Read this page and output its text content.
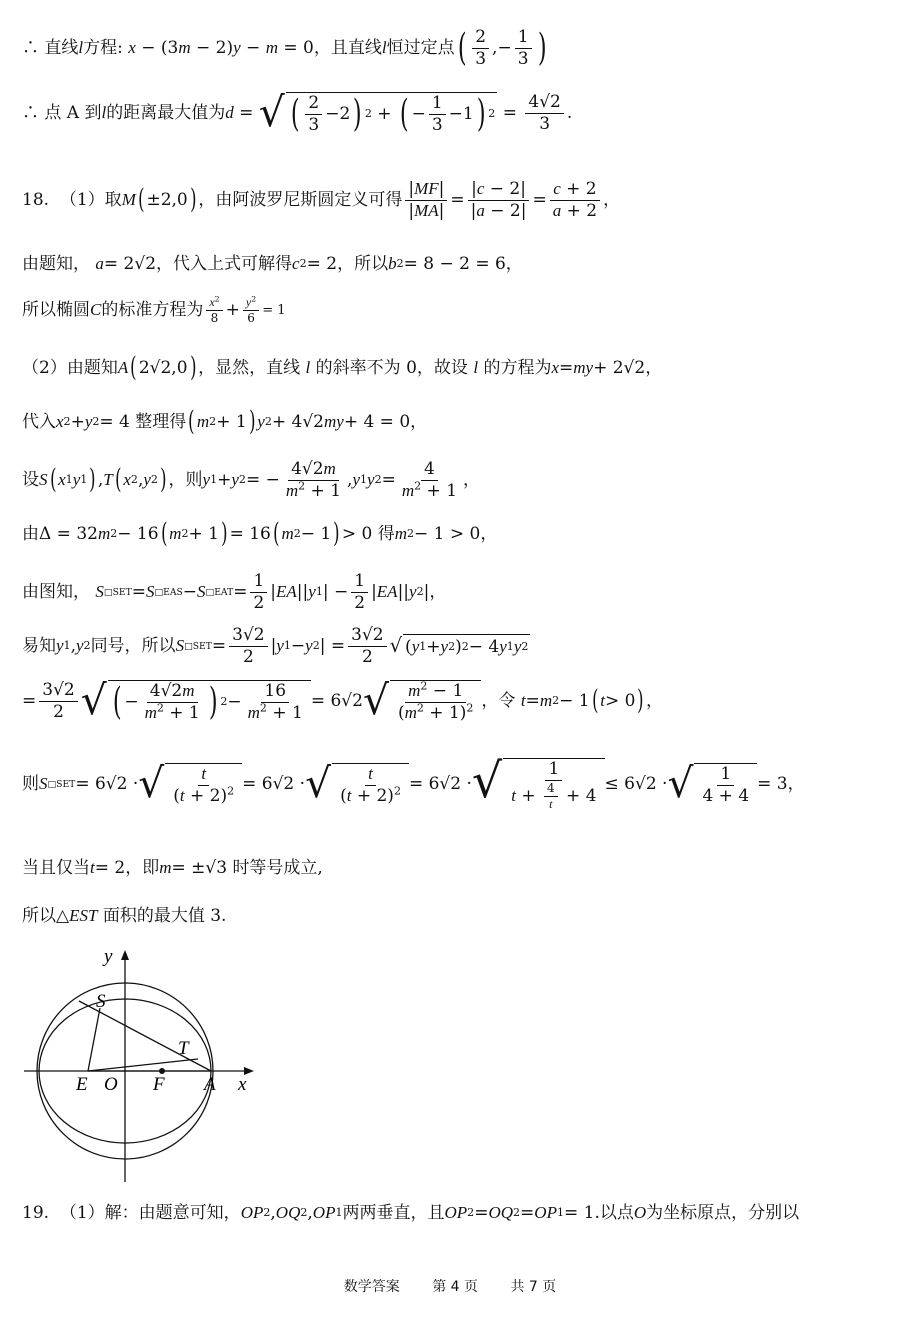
∴ 直线 l 方程: x − (3m − 2)y − m = 0 ，且直线 l 恒过定点 ( $\frac{2}{3}$ , − $\frac{1}{3}$ )
∴ 点 A 到 l 的距离最大值为 d = √ ( $\frac{2}{3} -2$ ) 2 + ( − $\frac{1}{3} -1$ ) $2 = \frac{4√2}{3}$ .
18.
（1）取 M ( ±2,0 ) ，由阿波罗尼斯圆定义可得 $\frac{|MF|}{|MA|} = \frac{|c - 2|}{|a - 2|} = \frac{c + 2}{a + 2}$ ，
由题知，
a = 2√2 ，代入上式可解得 c 2 = 2 ，所以 b 2 = 8 − 2 = 6，
所以椭圆 C 的标准方程为 $\frac{x^2}{8} + \frac{y^2}{6} = 1$
（2）由题知 A ( 2√2,0 ) ，显然，直线
l
的斜率不为 0，故设
l
的方程为 x = my + 2√2，
代入 x 2 + y 2 = 4 整理得 ( m 2 + 1 ) y 2 + 4√2 my + 4 = 0，
设 S ( x 1 y 1 ) , T ( x 2 , y 2 ) ，则 y 1 + y 2 = − $\frac{4√2m}{m^2 + 1}$ , y 1 y $2 = \frac{4}{m^2 + 1}$ ，
由 Δ = 32 m 2 − 16 ( m 2 + 1 ) = 16 ( m 2 − 1 ) > 0 得 m 2 − 1 > 0，
由图知，
S □SET = S □EAS − S □EAT = $\frac{1}{2}$ | EA || y 1 | − $\frac{1}{2}$ | EA || y 2 |，
易知 y 1 , y 2 同号，所以 S □SET = $\frac{3√2}{2}$ | y 1 − y 2 | = $\frac{3√2}{2}$ √ ( y 1 + y 2 ) 2 − 4 y 1 y 2
= $\frac{3√2}{2}$ √ ( − $\frac{4√2m}{m^2 + 1}$ ) $2 - \frac{16}{m^2 + 1} = 6√2$ √ $\frac{m^2 - 1}{(m^2 + 1)^2}$ ，令
t = m 2 − 1 ( t > 0 ) ，
则 S □SET = 6√2 · √ $\frac{t}{(t + 2)^2} = 6√2$ · √ $\frac{t}{(t + 2)^2} = 6√2$ · √ $\frac{1}{t + \frac{4}{t} + 4} \le 6√2$ · √ $\frac{1}{4 + 4} = 3$，
当且仅当 t = 2 ，即 m = ±√3 时等号成立,
所以 △ EST
面积的最大值 3.
y
x
S
T
E O F A
19.
（1）解：由题意可知， OP 2 , OQ 2 , OP 1 两两垂直，且 OP 2 = OQ 2 = OP 1 = 1 .以点 O 为坐标原点，分别以
数学答案 第 4 页 共 7 页
